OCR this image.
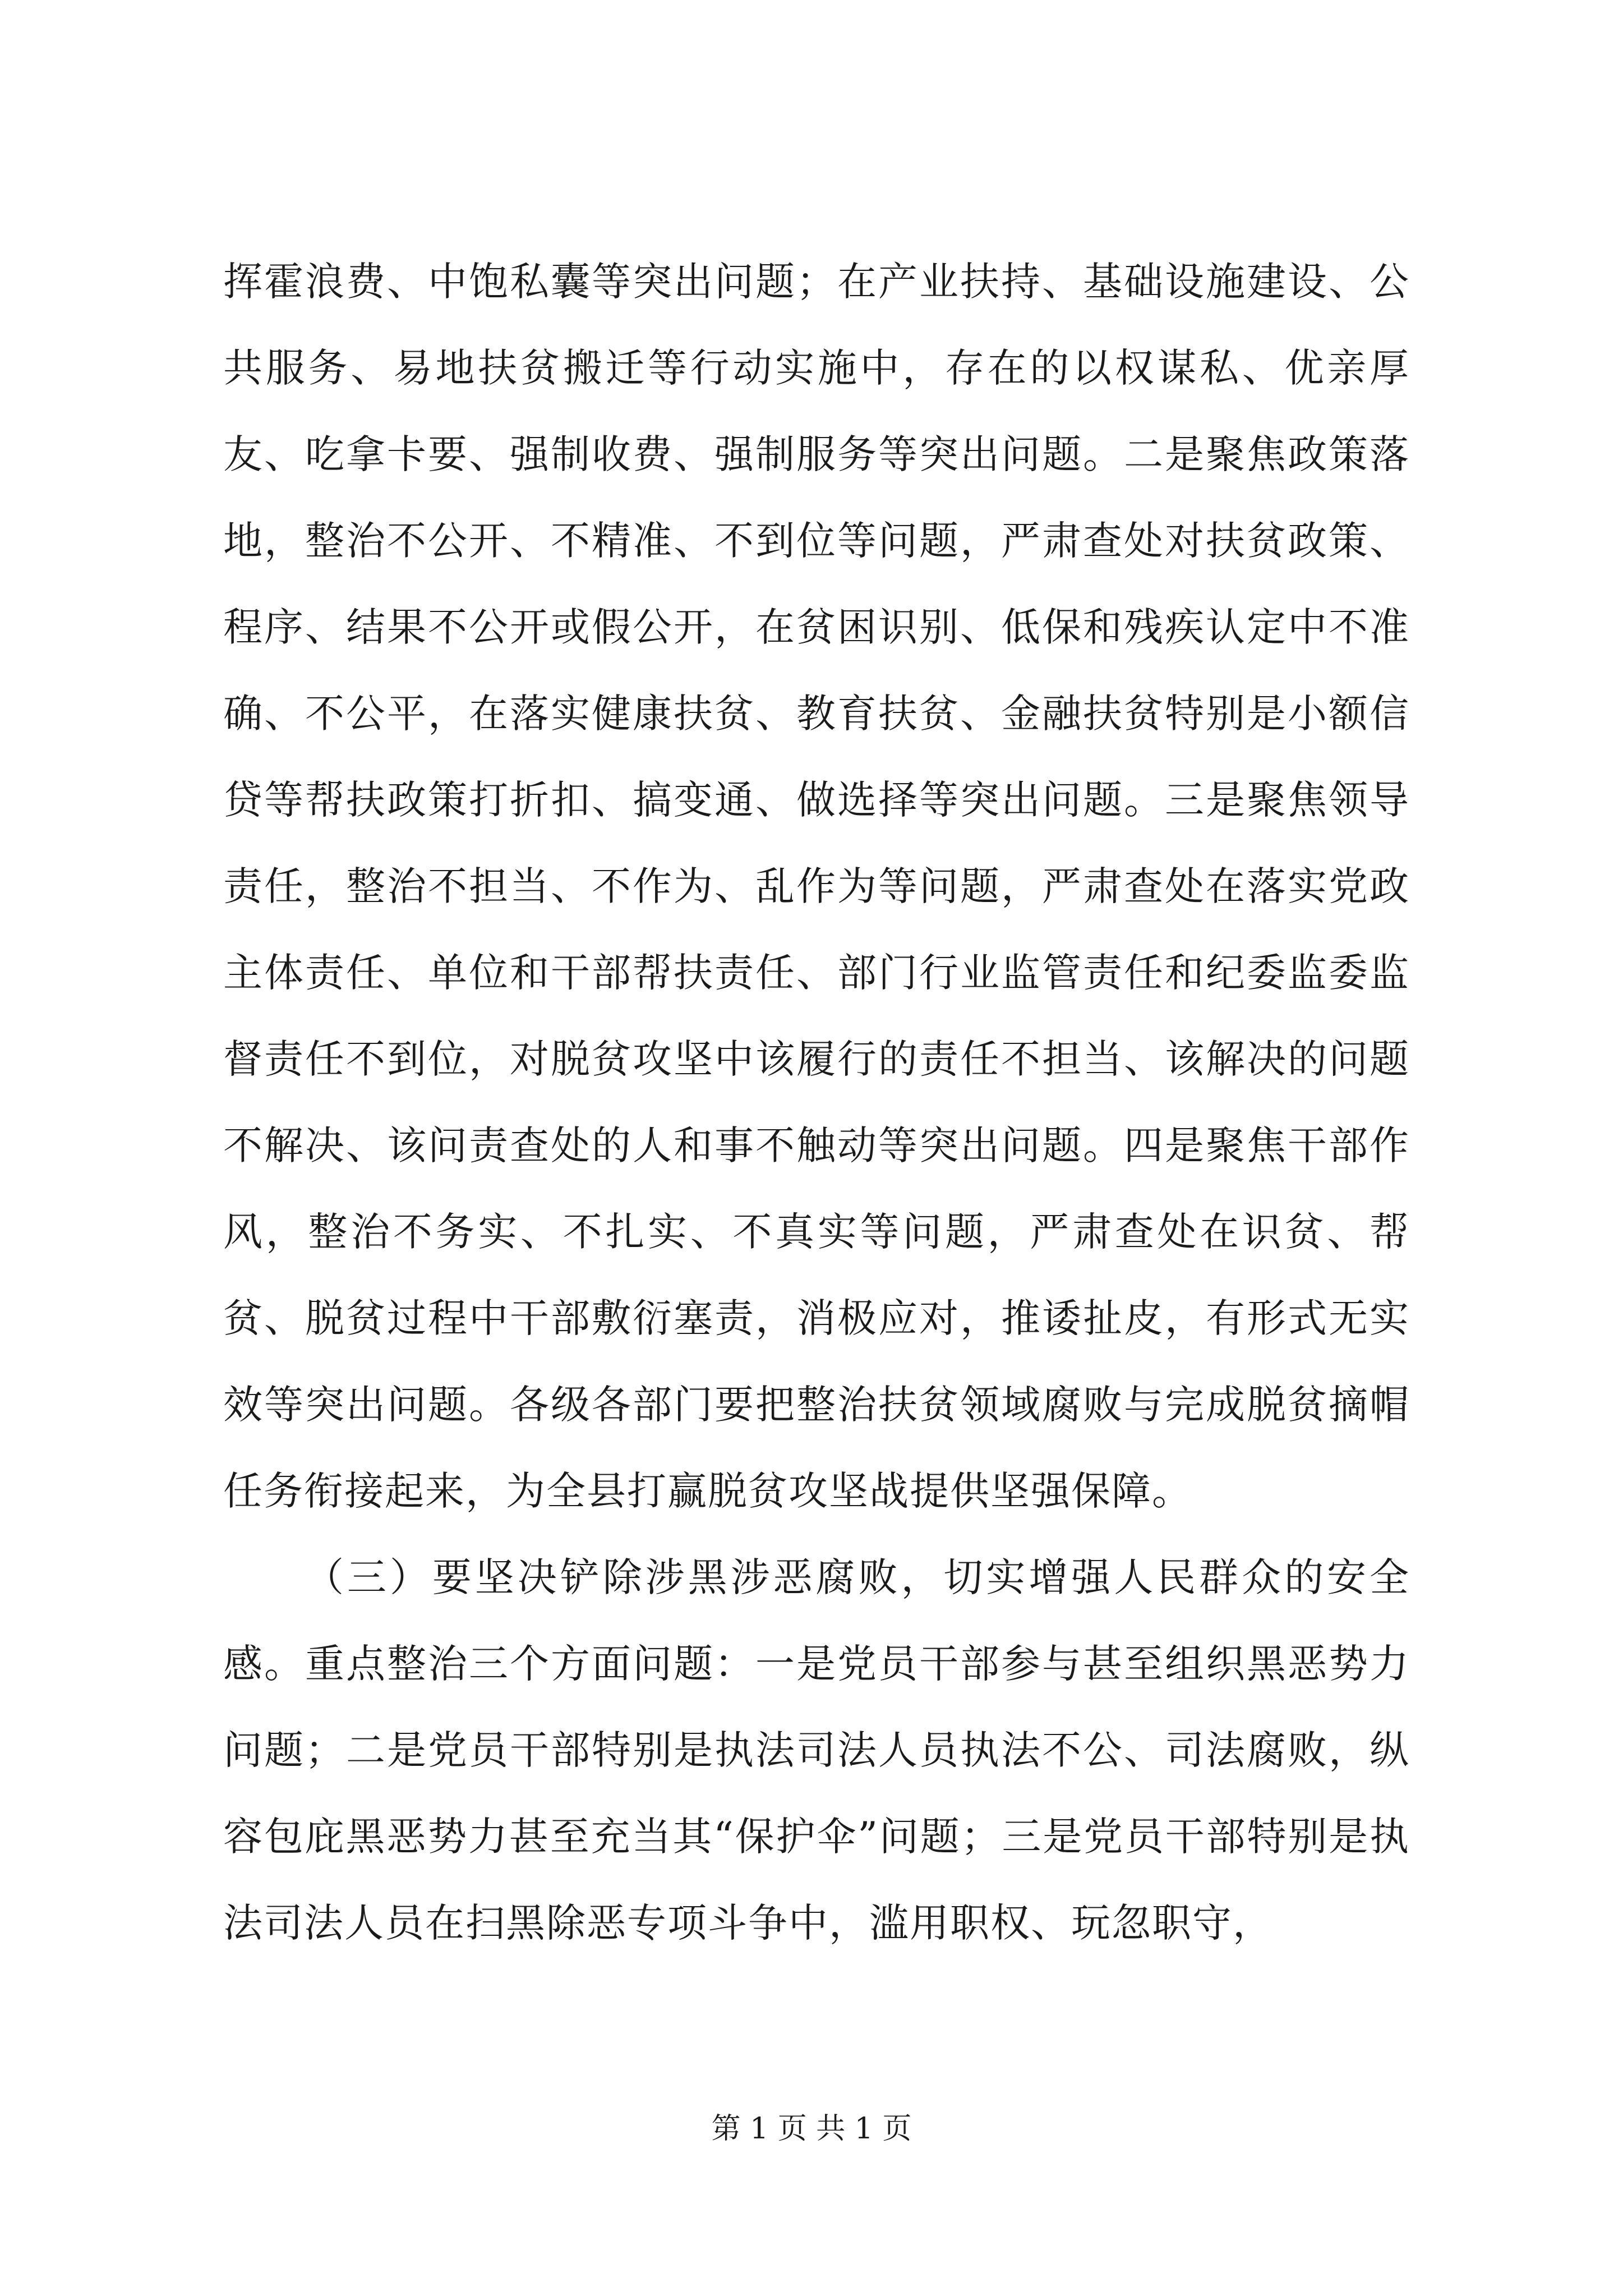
挥霍浪费、中饱私囊等突出问题；在产业扶持、基础设施建设、公共服务、易地扶贫搬迁等行动实施中，存在的以权谋私、优亲厚友、吃拿卡要、强制收费、强制服务等突出问题。二是聚焦政策落地，整治不公开、不精准、不到位等问题，严肃查处对扶贫政策、程序、结果不公开或假公开，在贫困识别、低保和残疾认定中不准确、不公平，在落实健康扶贫、教育扶贫、金融扶贫特别是小额信贷等帮扶政策打折扣、搞变通、做选择等突出问题。三是聚焦领导责任，整治不担当、不作为、乱作为等问题，严肃查处在落实党政主体责任、单位和干部帮扶责任、部门行业监管责任和纪委监委监督责任不到位，对脱贫攻坚中该履行的责任不担当、该解决的问题不解决、该问责查处的人和事不触动等突出问题。四是聚焦干部作风，整治不务实、不扎实、不真实等问题，严肃查处在识贫、帮贫、脱贫过程中干部敷衍塞责，消极应对，推诿扯皮，有形式无实效等突出问题。各级各部门要把整治扶贫领域腐败与完成脱贫摘帽任务衔接起来，为全县打赢脱贫攻坚战提供坚强保障。

（三）要坚决铲除涉黑涉恶腐败，切实增强人民群众的安全感。重点整治三个方面问题：一是党员干部参与甚至组织黑恶势力问题；二是党员干部特别是执法司法人员执法不公、司法腐败，纵容包庇黑恶势力甚至充当其“保护伞”问题；三是党员干部特别是执法司法人员在扫黑除恶专项斗争中，滥用职权、玩忽职守，

第 1 页 共 1 页
